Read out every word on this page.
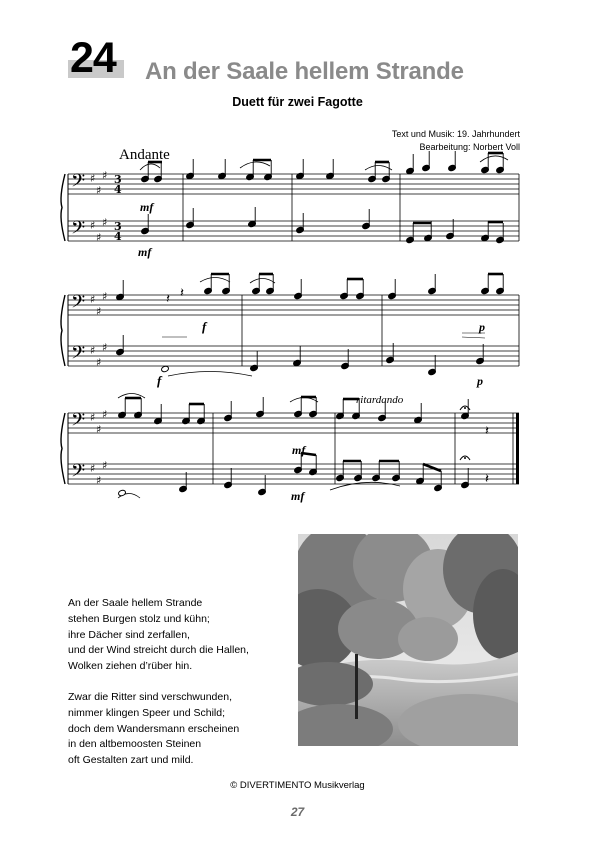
24 An der Saale hellem Strande
Duett für zwei Fagotte
Text und Musik: 19. Jahrhundert
Bearbeitung: Norbert Voll
Andante
ritardando
𝄽
𝄽
𝄽
𝄽
♯
♯
♯
𝄢
♯
♯
♯
𝄢
♯
♯
♯
𝄢
♯
♯
♯
𝄢
4
3
♯
♯
♯
𝄢
4
3
♯
♯
♯
𝄢
mf
mf
f
f
p
p
mf
mf

An der Saale hellem Strande
stehen Burgen stolz und kühn;
ihre Dächer sind zerfallen,
und der Wind streicht durch die Hallen,
Wolken ziehen d’rüber hin.

Zwar die Ritter sind verschwunden,
nimmer klingen Speer und Schild;
doch dem Wandersmann erscheinen
in den altbemoosten Steinen
oft Gestalten zart und mild.

© DIVERTIMENTO Musikverlag
27
